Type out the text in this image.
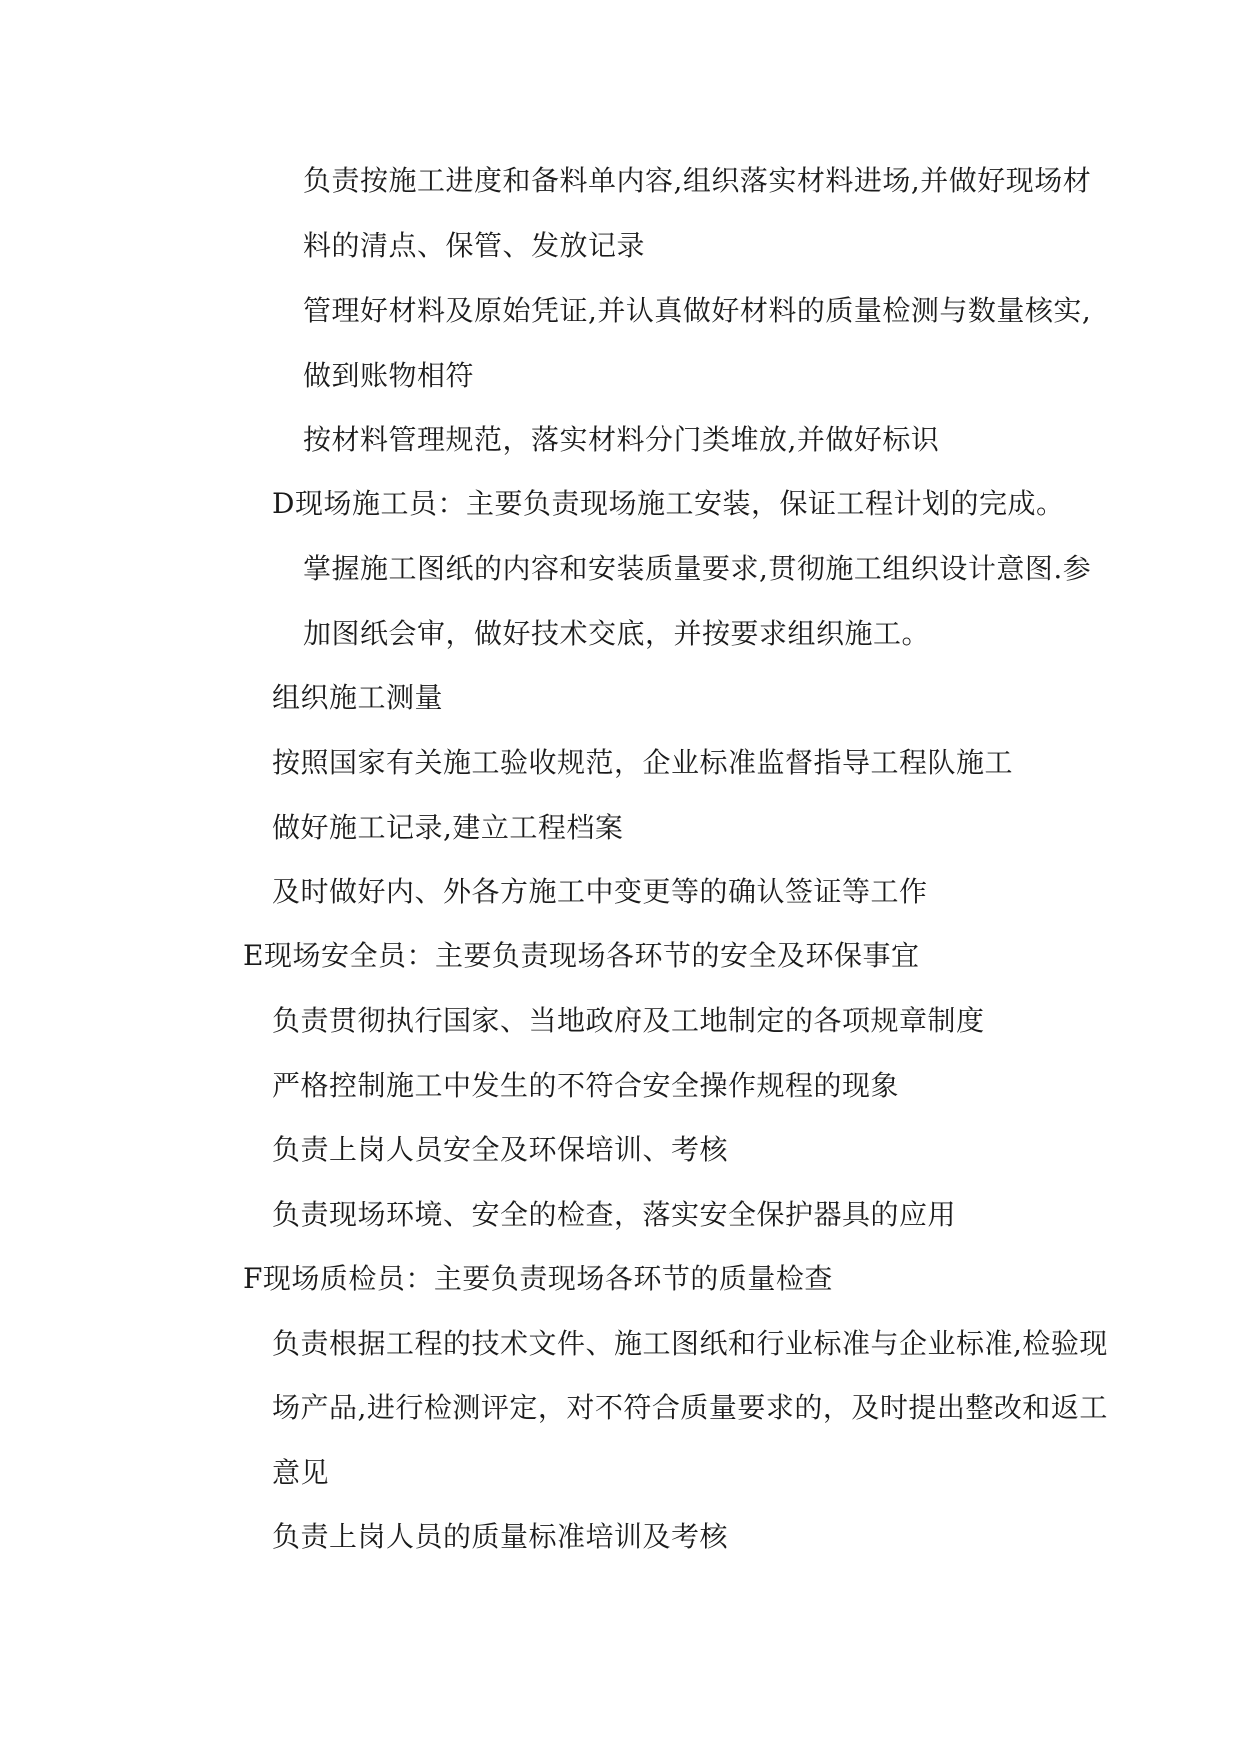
负责按施工进度和备料单内容,组织落实材料进场,并做好现场材
料的清点、保管、发放记录
管理好材料及原始凭证,并认真做好材料的质量检测与数量核实,
做到账物相符
按材料管理规范，落实材料分门类堆放,并做好标识
D现场施工员：主要负责现场施工安装，保证工程计划的完成。
掌握施工图纸的内容和安装质量要求,贯彻施工组织设计意图.参
加图纸会审，做好技术交底，并按要求组织施工。
组织施工测量
按照国家有关施工验收规范，企业标准监督指导工程队施工
做好施工记录,建立工程档案
及时做好内、外各方施工中变更等的确认签证等工作
E现场安全员：主要负责现场各环节的安全及环保事宜
负责贯彻执行国家、当地政府及工地制定的各项规章制度
严格控制施工中发生的不符合安全操作规程的现象
负责上岗人员安全及环保培训、考核
负责现场环境、安全的检查，落实安全保护器具的应用
F现场质检员：主要负责现场各环节的质量检查
负责根据工程的技术文件、施工图纸和行业标准与企业标准,检验现
场产品,进行检测评定，对不符合质量要求的，及时提出整改和返工
意见
负责上岗人员的质量标准培训及考核
